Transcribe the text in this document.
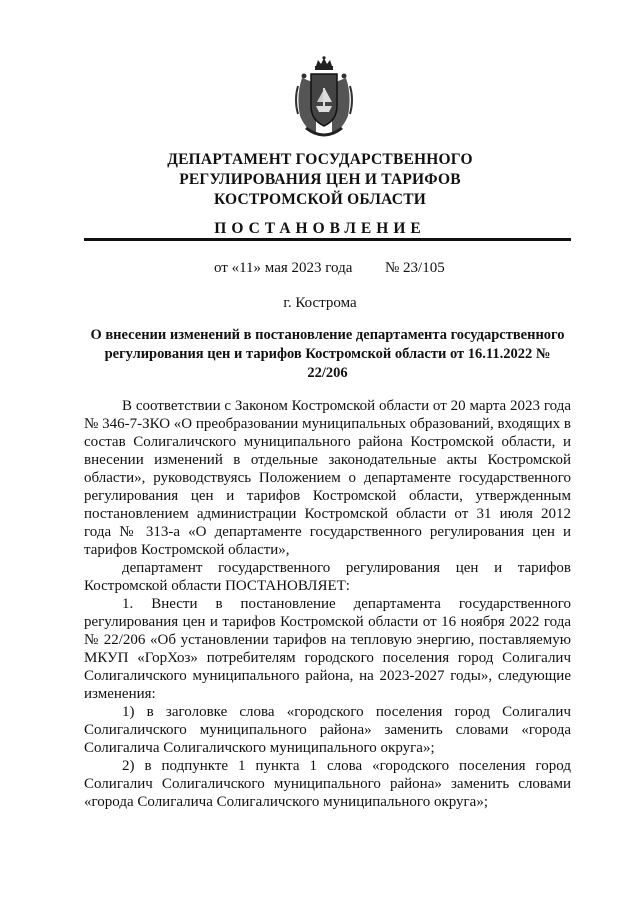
ДЕПАРТАМЕНТ ГОСУДАРСТВЕННОГО
РЕГУЛИРОВАНИЯ ЦЕН И ТАРИФОВ
КОСТРОМСКОЙ ОБЛАСТИ
ПОСТАНОВЛЕНИЕ
от «11» мая 2023 года № 23/105
г. Кострома
О внесении изменений в постановление департамента государственного регулирования цен и тарифов Костромской области от 16.11.2022 № 22/206

В соответствии с Законом Костромской области от 20 марта 2023 года № 346-7-ЗКО «О преобразовании муниципальных образований, входящих в состав Солигаличского муниципального района Костромской области, и внесении изменений в отдельные законодательные акты Костромской области», руководствуясь Положением о департаменте государственного регулирования цен и тарифов Костромской области, утвержденным постановлением администрации Костромской области от 31 июля 2012 года № 313-а «О департаменте государственного регулирования цен и тарифов Костромской области»,

департамент государственного регулирования цен и тарифов Костромской области ПОСТАНОВЛЯЕТ:

1. Внести в постановление департамента государственного регулирования цен и тарифов Костромской области от 16 ноября 2022 года № 22/206 «Об установлении тарифов на тепловую энергию, поставляемую МКУП «ГорХоз» потребителям городского поселения город Солигалич Солигаличского муниципального района, на 2023-2027 годы», следующие изменения:

1) в заголовке слова «городского поселения город Солигалич Солигаличского муниципального района» заменить словами «города Солигалича Солигаличского муниципального округа»;

2) в подпункте 1 пункта 1 слова «городского поселения город Солигалич Солигаличского муниципального района» заменить словами «города Солигалича Солигаличского муниципального округа»;
